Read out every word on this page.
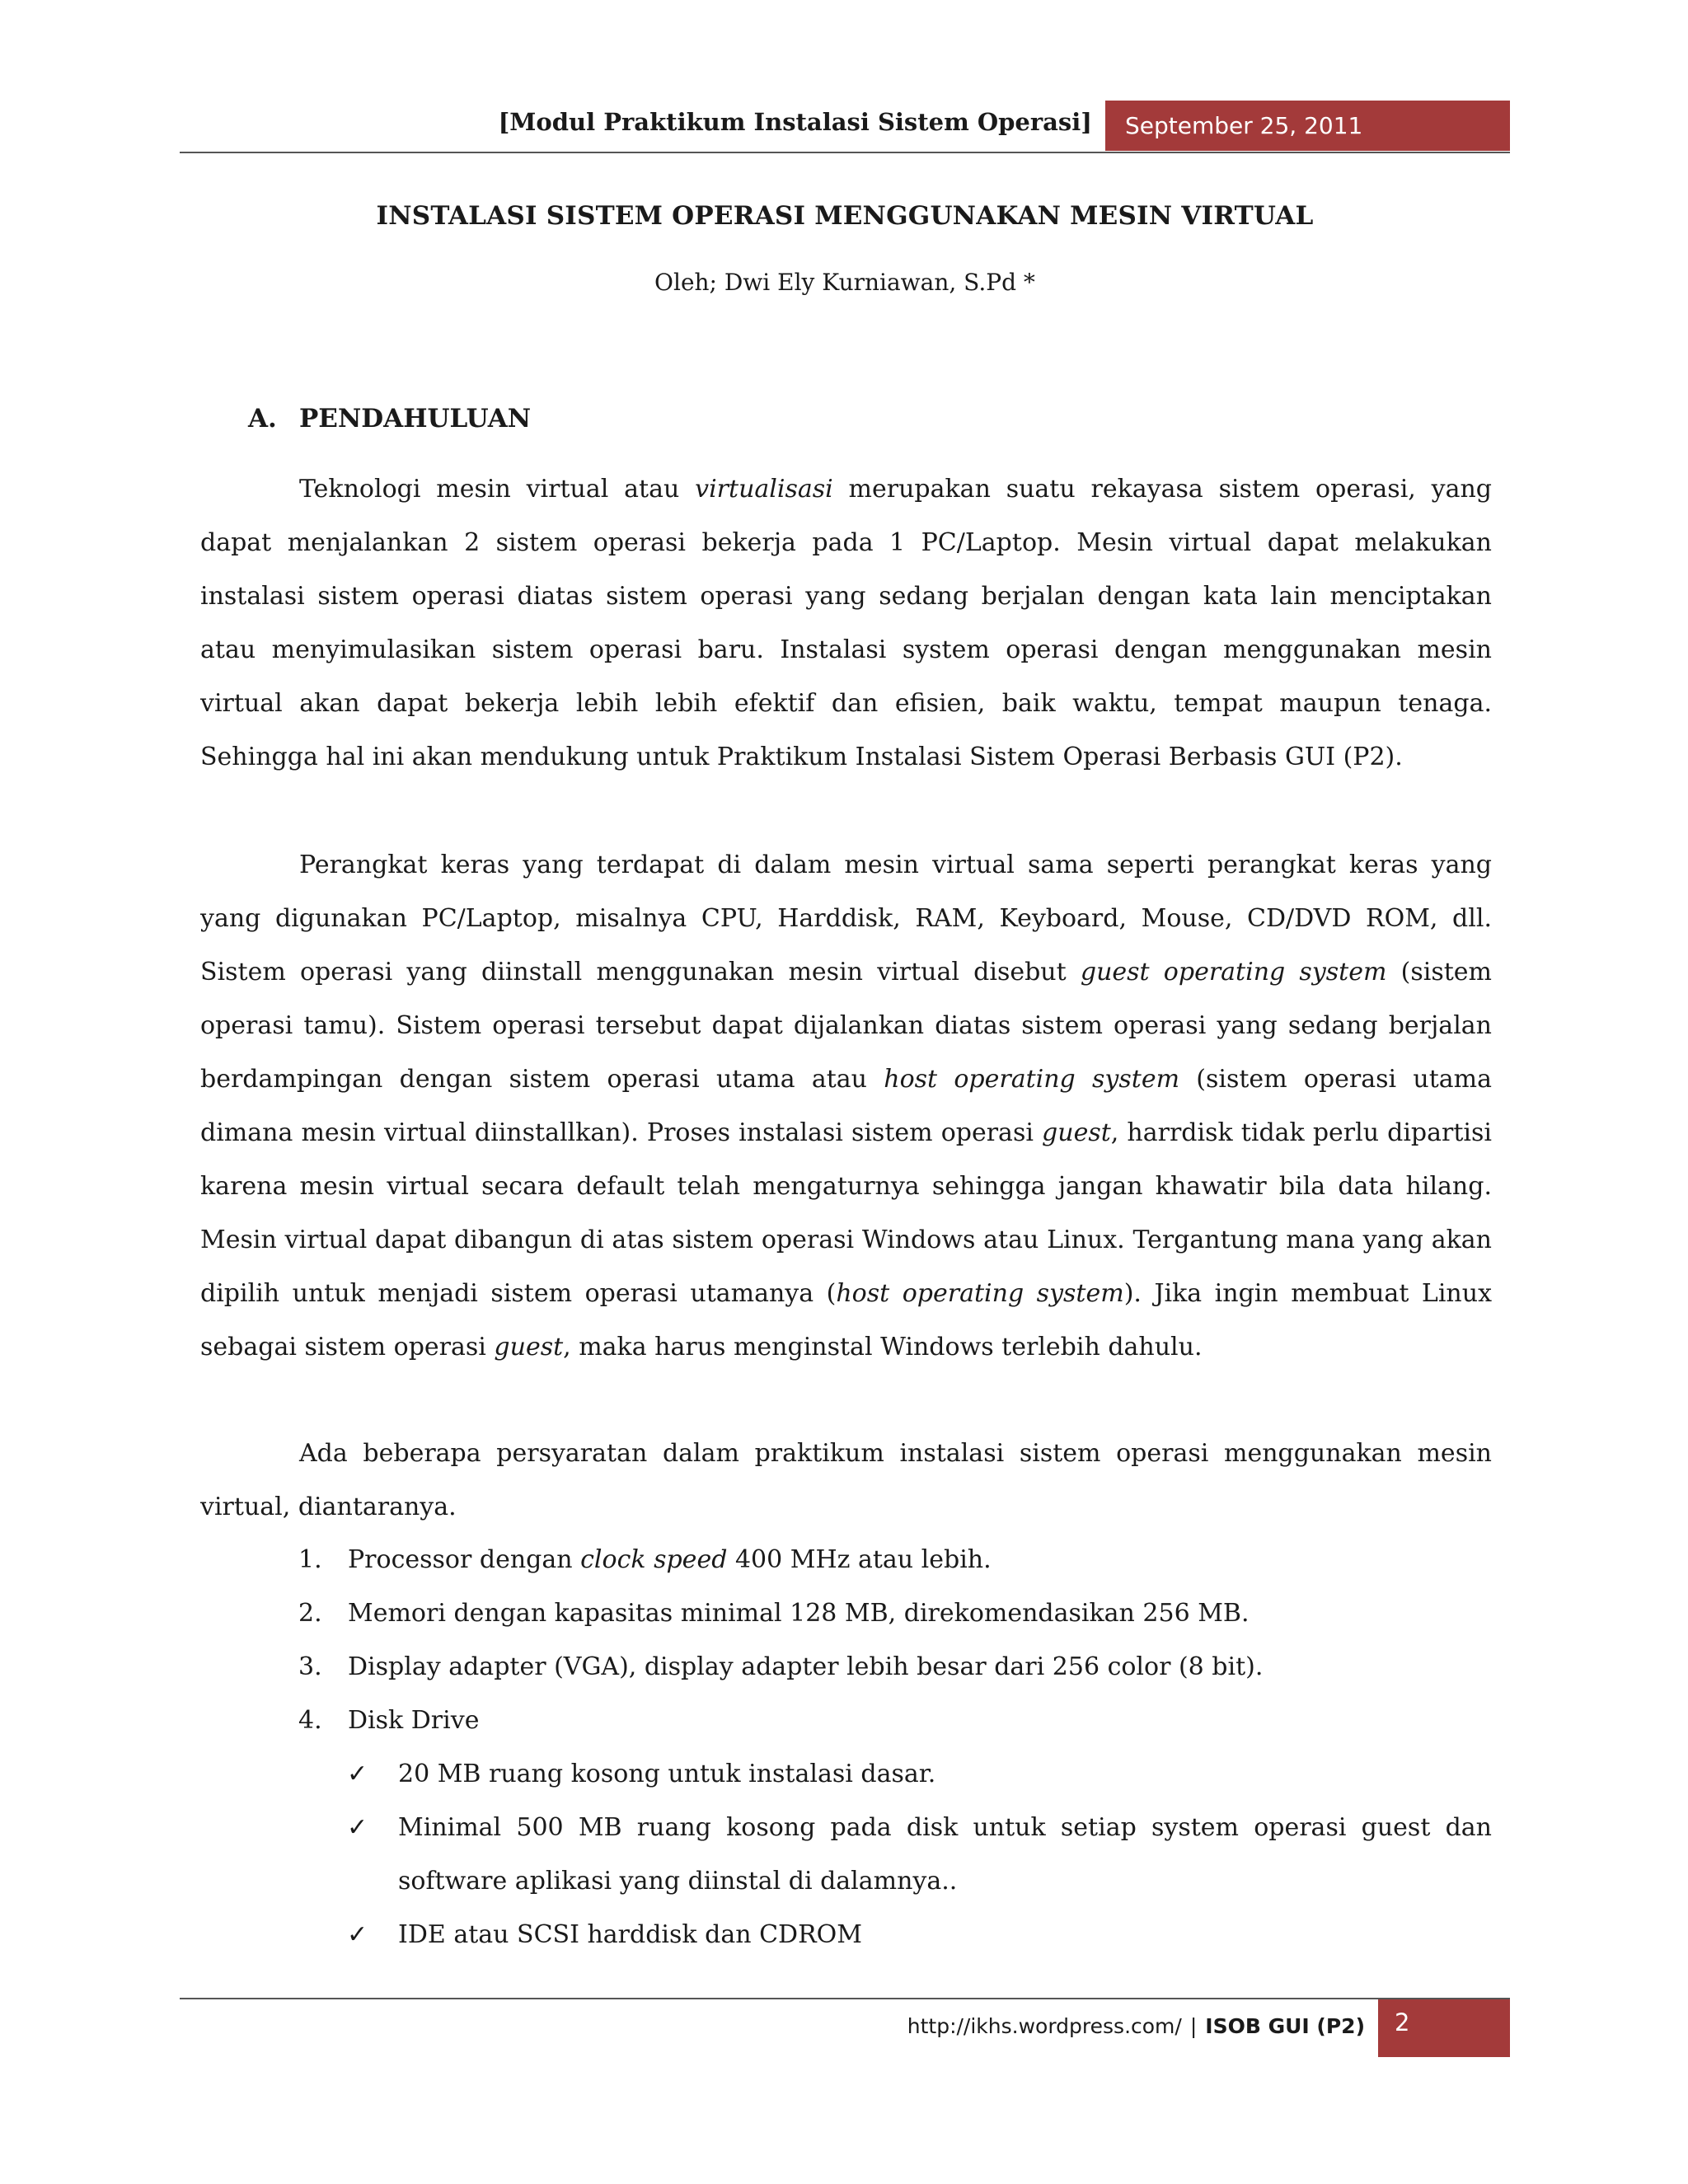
[Modul Praktikum Instalasi Sistem Operasi]	September 25, 2011
INSTALASI SISTEM OPERASI MENGGUNAKAN MESIN VIRTUAL
Oleh; Dwi Ely Kurniawan, S.Pd *
A. PENDAHULUAN

Teknologi mesin virtual atau virtualisasi merupakan suatu rekayasa sistem operasi, yang dapat menjalankan 2 sistem operasi bekerja pada 1 PC/Laptop. Mesin virtual dapat melakukan instalasi sistem operasi diatas sistem operasi yang sedang berjalan dengan kata lain menciptakan atau menyimulasikan sistem operasi baru. Instalasi system operasi dengan menggunakan mesin virtual akan dapat bekerja lebih lebih efektif dan efisien, baik waktu, tempat maupun tenaga. Sehingga hal ini akan mendukung untuk Praktikum Instalasi Sistem Operasi Berbasis GUI (P2).

Perangkat keras yang terdapat di dalam mesin virtual sama seperti perangkat keras yang yang digunakan PC/Laptop, misalnya CPU, Harddisk, RAM, Keyboard, Mouse, CD/DVD ROM, dll. Sistem operasi yang diinstall menggunakan mesin virtual disebut guest operating system (sistem operasi tamu). Sistem operasi tersebut dapat dijalankan diatas sistem operasi yang sedang berjalan berdampingan dengan sistem operasi utama atau host operating system (sistem operasi utama dimana mesin virtual diinstallkan). Proses instalasi sistem operasi guest, harrdisk tidak perlu dipartisi karena mesin virtual secara default telah mengaturnya sehingga jangan khawatir bila data hilang. Mesin virtual dapat dibangun di atas sistem operasi Windows atau Linux. Tergantung mana yang akan dipilih untuk menjadi sistem operasi utamanya (host operating system). Jika ingin membuat Linux sebagai sistem operasi guest, maka harus menginstal Windows terlebih dahulu.

Ada beberapa persyaratan dalam praktikum instalasi sistem operasi menggunakan mesin virtual, diantaranya.

1.	Processor dengan clock speed 400 MHz atau lebih.
2.	Memori dengan kapasitas minimal 128 MB, direkomendasikan 256 MB.
3.	Display adapter (VGA), display adapter lebih besar dari 256 color (8 bit).
4.	Disk Drive
✓	20 MB ruang kosong untuk instalasi dasar.
✓	Minimal 500 MB ruang kosong pada disk untuk setiap system operasi guest dan software aplikasi yang diinstal di dalamnya..
✓	IDE atau SCSI harddisk dan CDROM
http://ikhs.wordpress.com/ | ISOB GUI (P2)	2
